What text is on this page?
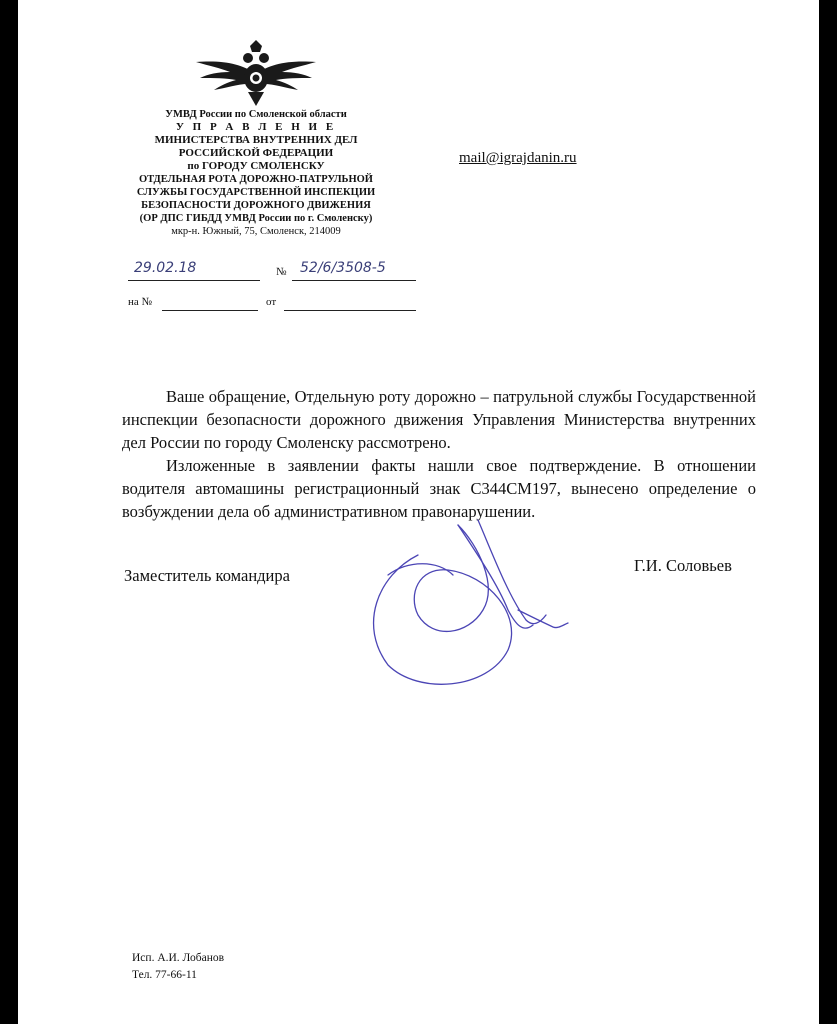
УМВД России по Смоленской области
У П Р А В Л Е Н И Е
МИНИСТЕРСТВА ВНУТРЕННИХ ДЕЛ
РОССИЙСКОЙ ФЕДЕРАЦИИ
по ГОРОДУ СМОЛЕНСКУ
ОТДЕЛЬНАЯ РОТА ДОРОЖНО-ПАТРУЛЬНОЙ
СЛУЖБЫ ГОСУДАРСТВЕННОЙ ИНСПЕКЦИИ
БЕЗОПАСНОСТИ ДОРОЖНОГО ДВИЖЕНИЯ
(ОР ДПС ГИБДД УМВД России по г. Смоленску)
мкр-н. Южный, 75, Смоленск, 214009
mail@igrajdanin.ru
29.02.18	№ 52/6/3508-5
на №	от

Ваше обращение, Отдельную роту дорожно – патрульной службы Государственной инспекции безопасности дорожного движения Управления Министерства внутренних дел России по городу Смоленску рассмотрено.

Изложенные в заявлении факты нашли свое подтверждение. В отношении водителя автомашины регистрационный знак С344СМ197, вынесено определение о возбуждении дела об административном правонарушении.

Заместитель командира
Г.И. Соловьев
Исп. А.И. Лобанов
Тел. 77-66-11
